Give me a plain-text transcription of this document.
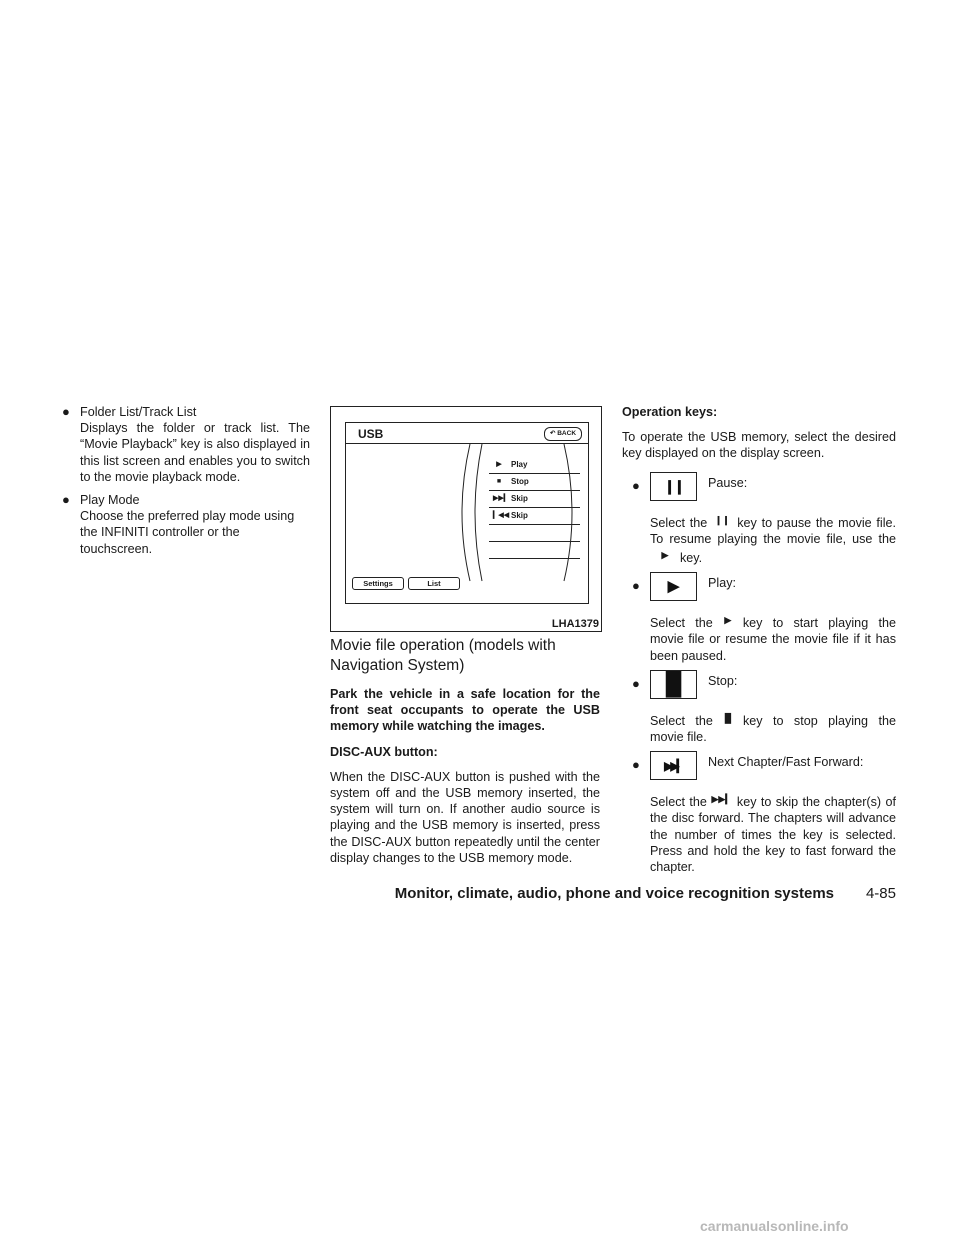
● Folder List/Track List
Displays the folder or track list. The “Movie Playback” key is also displayed in this list screen and enables you to switch to the movie playback mode.
● Play Mode
Choose the preferred play mode using the INFINITI controller or the touchscreen.
USB	↶ BACK
▶	Play
■	Stop
▶▶▎ Skip
▎◀◀ Skip
Settings	List
LHA1379
Movie file operation (models with Navigation System)
Park the vehicle in a safe location for the front seat occupants to operate the USB memory while watching the images.
DISC-AUX button:
When the DISC-AUX button is pushed with the system off and the USB memory inserted, the system will turn on. If another audio source is playing and the USB memory is inserted, press the DISC-AUX button repeatedly until the center display changes to the USB memory mode.
Operation keys:
To operate the USB memory, select the desired key displayed on the display screen.
●	❙❙	Pause:
Select the ❙❙ key to pause the movie file. To resume playing the movie file, use the▶ key.
●	▶	Play:
Select the ▶ key to start playing the movie file or resume the movie file if it has been paused.
●	█	Stop:
Select the █ key to stop playing the movie file.
●	▶▶▎	Next Chapter/Fast Forward:
Select the ▶▶▎ key to skip the chapter(s) of the disc forward. The chapters will advance the number of times the key is selected. Press and hold the key to fast forward the chapter.
Monitor, climate, audio, phone and voice recognition systems 4-85
carmanualsonline.info
